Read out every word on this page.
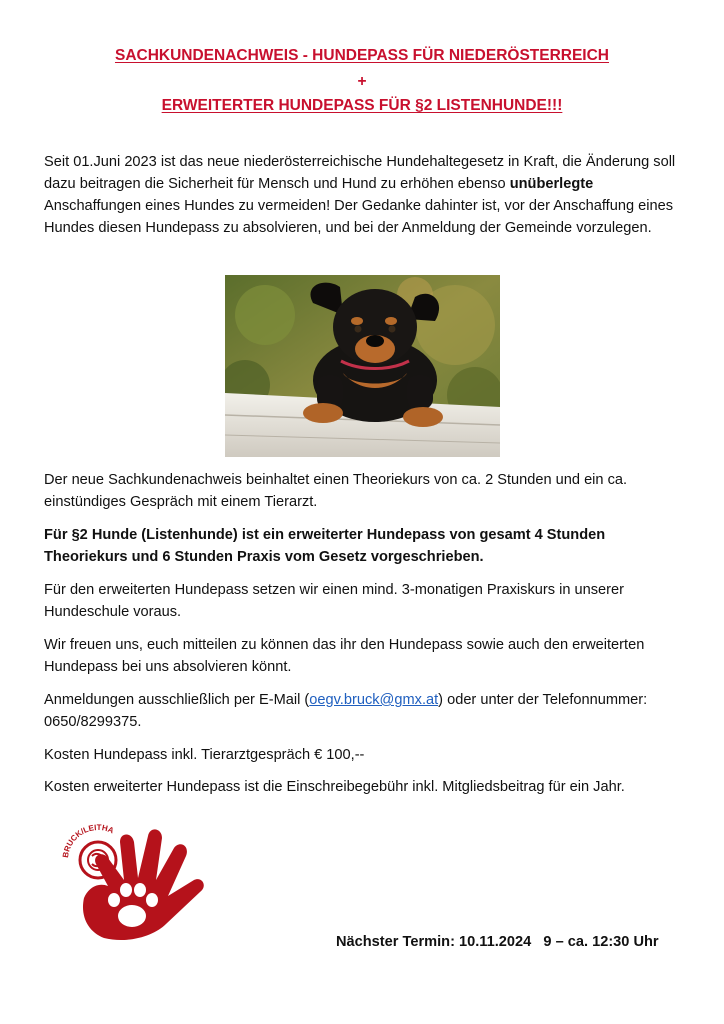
SACHKUNDENACHWEIS - HUNDEPASS FÜR NIEDERÖSTERREICH
+
ERWEITERTER HUNDEPASS FÜR §2 LISTENHUNDE!!!

Seit 01.Juni 2023 ist das neue niederösterreichische Hundehaltegesetz in Kraft, die Änderung soll dazu beitragen die Sicherheit für Mensch und Hund zu erhöhen ebenso unüberlegte Anschaffungen eines Hundes zu vermeiden! Der Gedanke dahinter ist, vor der Anschaffung eines Hundes diesen Hundepass zu absolvieren, und bei der Anmeldung der Gemeinde vorzulegen.

Der neue Sachkundenachweis beinhaltet einen Theoriekurs von ca. 2 Stunden und ein ca. einstündiges Gespräch mit einem Tierarzt.

Für §2 Hunde (Listenhunde) ist ein erweiterter Hundepass von gesamt 4 Stunden Theoriekurs und 6 Stunden Praxis vom Gesetz vorgeschrieben.

Für den erweiterten Hundepass setzen wir einen mind. 3-monatigen Praxiskurs in unserer Hundeschule voraus.

Wir freuen uns, euch mitteilen zu können das ihr den Hundepass sowie auch den erweiterten Hundepass bei uns absolvieren könnt.

Anmeldungen ausschließlich per E-Mail (oegv.bruck@gmx.at) oder unter der Telefonnummer: 0650/8299375.

Kosten Hundepass inkl. Tierarztgespräch € 100,--

Kosten erweiterter Hundepass ist die Einschreibegebühr inkl. Mitgliedsbeitrag für ein Jahr.

BRUCK/LEITHA
Nächster Termin: 10.11.2024   9 – ca. 12:30 Uhr
